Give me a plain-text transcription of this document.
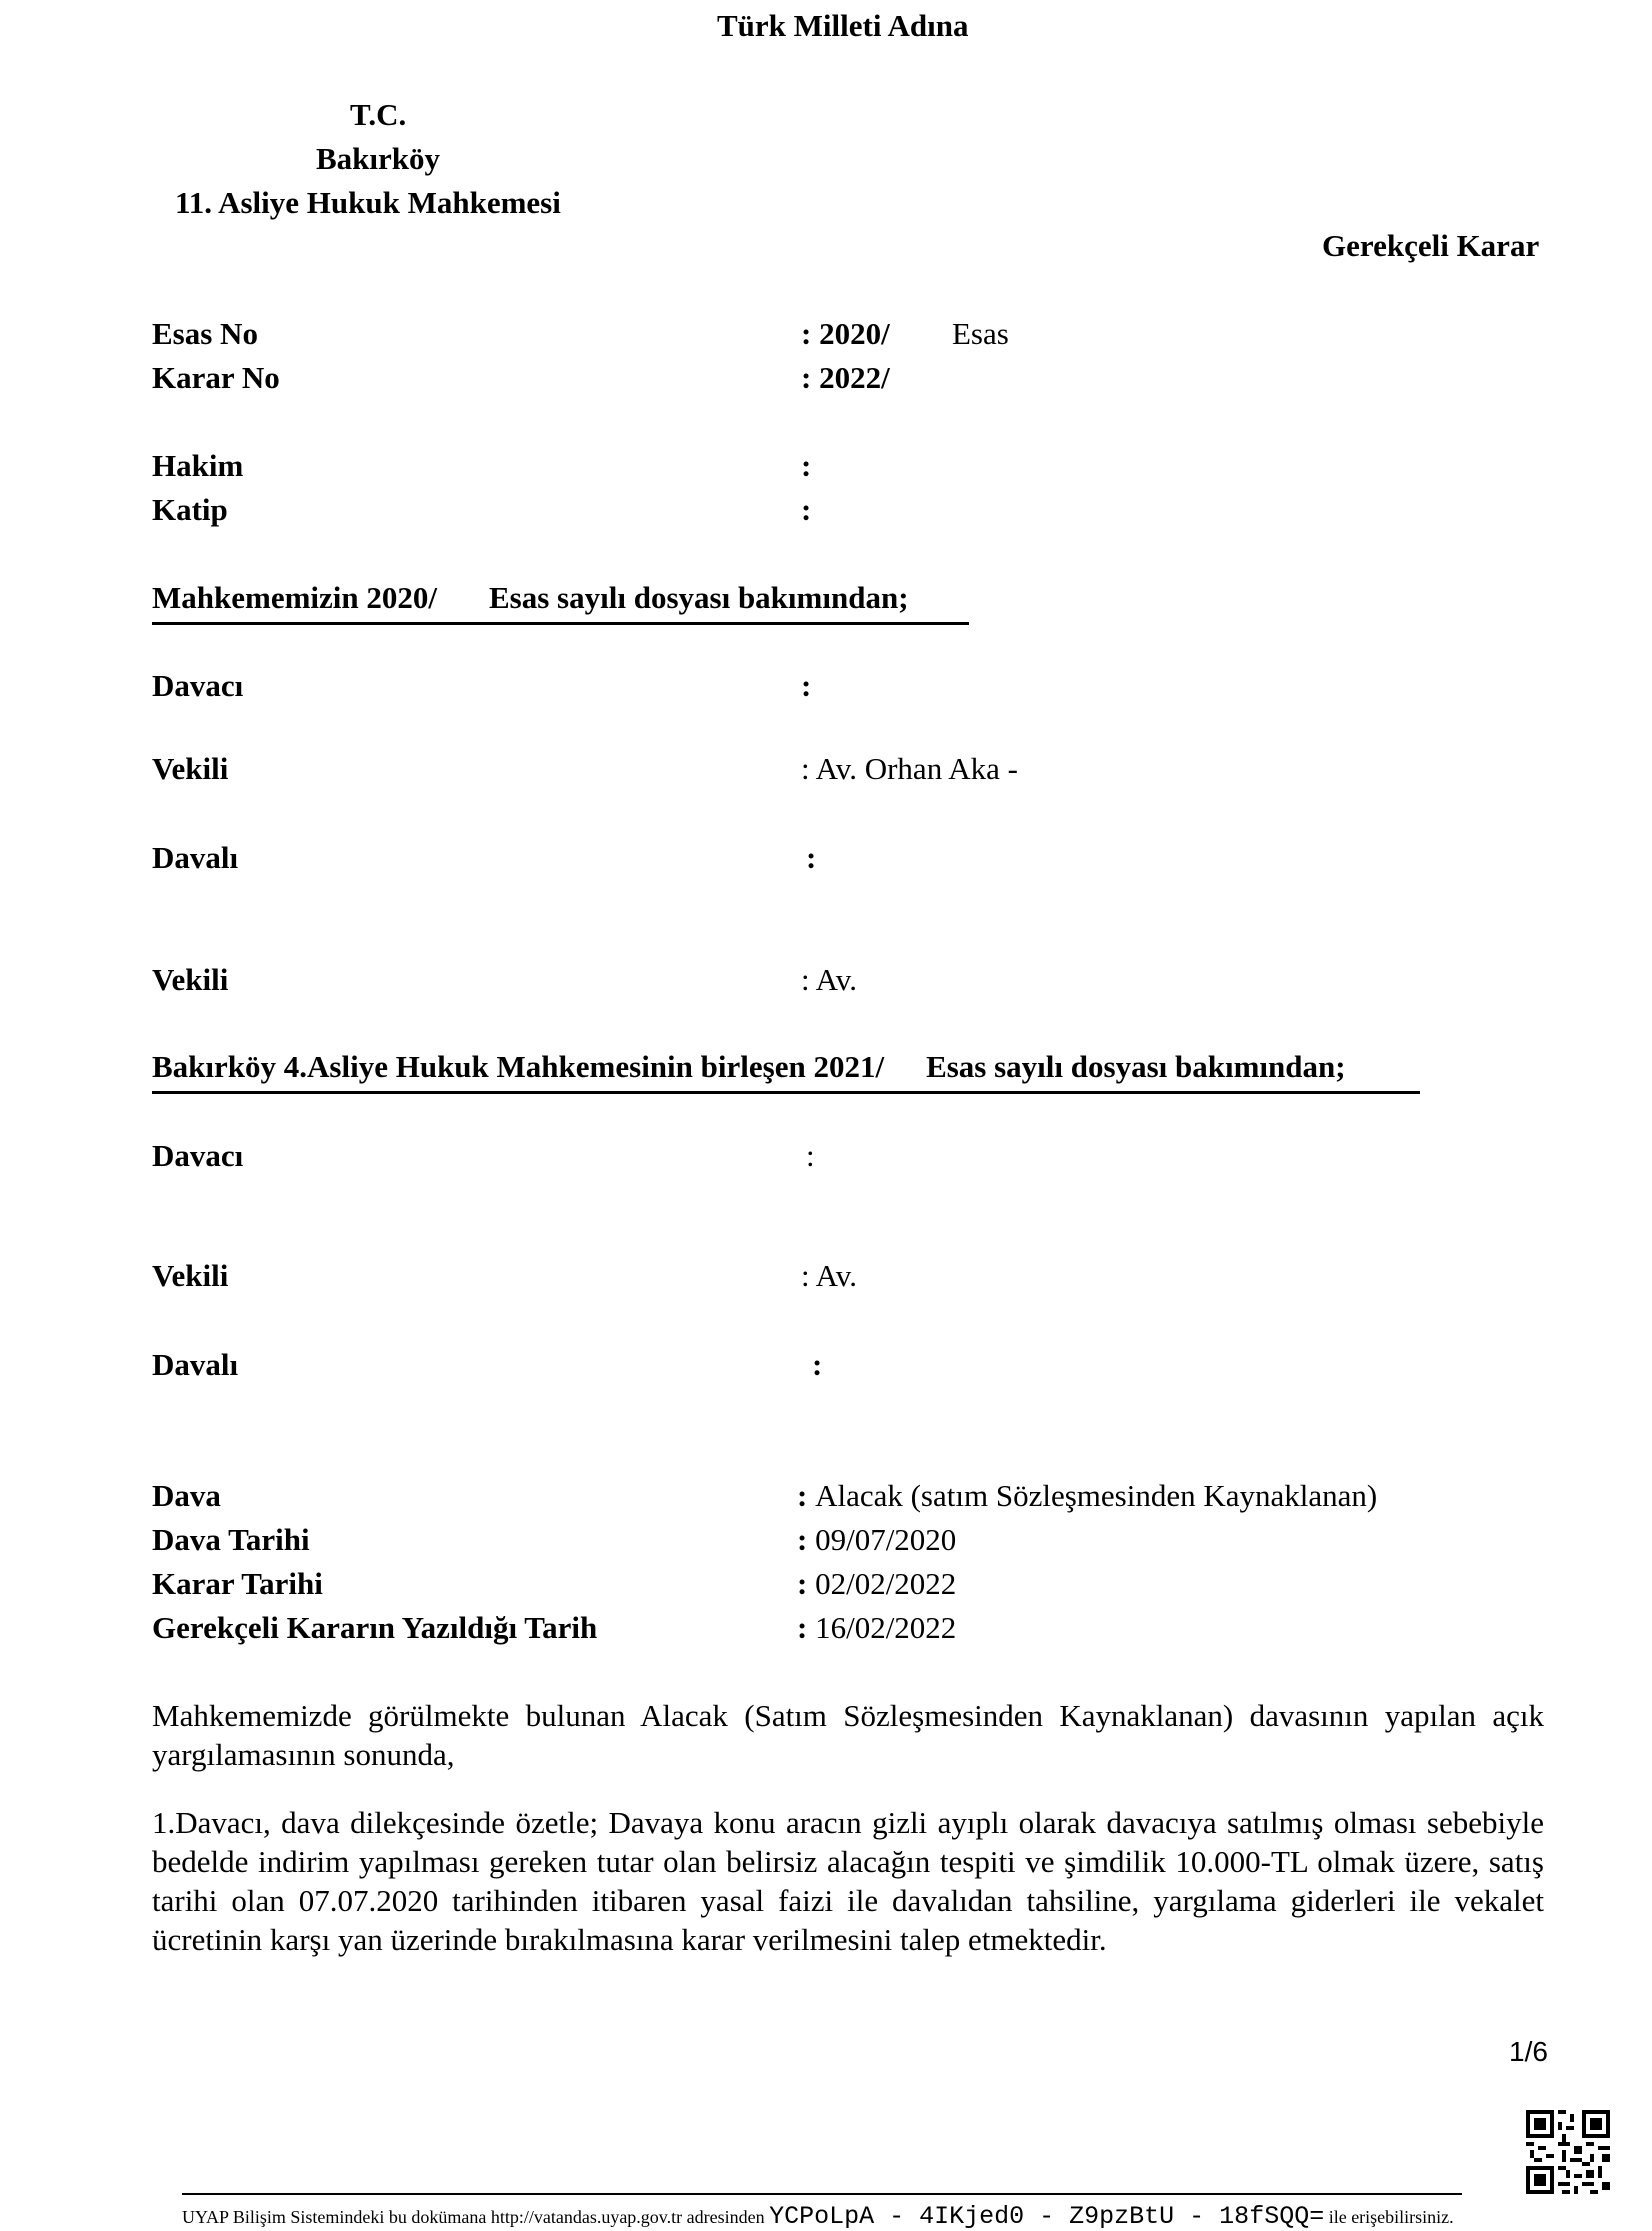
Türk Milleti Adına
T.C.
Bakırköy
11. Asliye Hukuk Mahkemesi
Gerekçeli Karar
Esas No	: 2020/ Esas
Karar No	: 2022/
Hakim	:
Katip	:
Mahkememizin 2020/ Esas sayılı dosyası bakımından;
Davacı	:
Vekili	: Av. Orhan Aka -
Davalı	:
Vekili	: Av.
Bakırköy 4.Asliye Hukuk Mahkemesinin birleşen 2021/ Esas sayılı dosyası bakımından;
Davacı	:
Vekili	: Av.
Davalı	:
Dava	: Alacak (satım Sözleşmesinden Kaynaklanan)
Dava Tarihi	: 09/07/2020
Karar Tarihi	: 02/02/2022
Gerekçeli Kararın Yazıldığı Tarih	: 16/02/2022
Mahkememizde görülmekte bulunan Alacak (Satım Sözleşmesinden Kaynaklanan) davasının yapılan açık yargılamasının sonunda,
1.Davacı, dava dilekçesinde özetle; Davaya konu aracın gizli ayıplı olarak davacıya satılmış olması sebebiyle bedelde indirim yapılması gereken tutar olan belirsiz alacağın tespiti ve şimdilik 10.000-TL olmak üzere, satış tarihi olan 07.07.2020 tarihinden itibaren yasal faizi ile davalıdan tahsiline, yargılama giderleri ile vekalet ücretinin karşı yan üzerinde bırakılmasına karar verilmesini talep etmektedir.
1/6
UYAP Bilişim Sistemindeki bu dokümana http://vatandas.uyap.gov.tr adresinden YCPoLpA - 4IKjed0 - Z9pzBtU - 18fSQQ= ile erişebilirsiniz.
